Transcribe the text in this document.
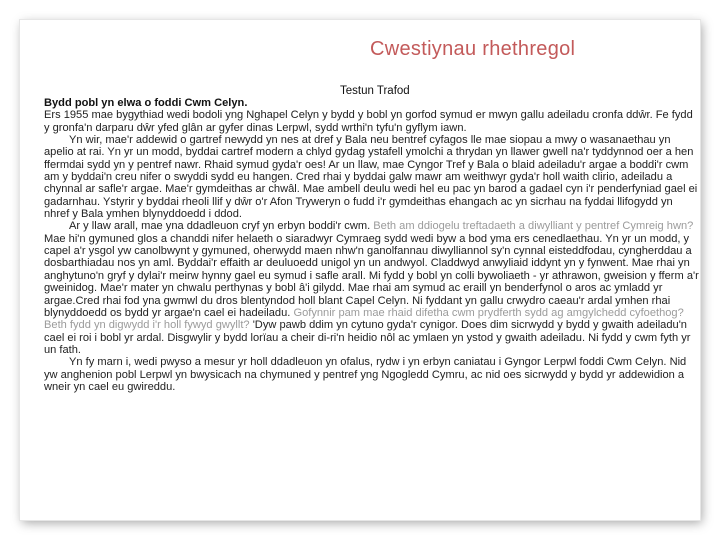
Cwestiynau rhethregol
Testun Trafod

Bydd pobl yn elwa o foddi Cwm Celyn.

Ers 1955 mae bygythiad wedi bodoli yng Nghapel Celyn y bydd y bobl yn gorfod symud er mwyn gallu adeiladu cronfa ddŵr. Fe fydd y gronfa'n darparu dŵr yfed glân ar gyfer dinas Lerpwl, sydd wrthi'n tyfu'n gyflym iawn.

Yn wir, mae'r addewid o gartref newydd yn nes at dref y Bala neu bentref cyfagos lle mae siopau a mwy o wasanaethau yn apelio at rai. Yn yr un modd, byddai cartref modern a chlyd gydag ystafell ymolchi a thrydan yn llawer gwell na'r tyddynnod oer a hen ffermdai sydd yn y pentref nawr. Rhaid symud gyda'r oes! Ar un llaw, mae Cyngor Tref y Bala o blaid adeiladu'r argae a boddi'r cwm am y byddai'n creu nifer o swyddi sydd eu hangen. Cred rhai y byddai galw mawr am weithwyr gyda'r holl waith clirio, adeiladu a chynnal ar safle'r argae. Mae'r gymdeithas ar chwâl. Mae ambell deulu wedi hel eu pac yn barod a gadael cyn i'r penderfyniad gael ei gadarnhau. Ystyrir y byddai rheoli llif y dŵr o'r Afon Tryweryn o fudd i'r gymdeithas ehangach ac yn sicrhau na fyddai llifogydd yn nhref y Bala ymhen blynyddoedd i ddod.

Ar y llaw arall, mae yna ddadleuon cryf yn erbyn boddi'r cwm. Beth am ddiogelu treftadaeth a diwylliant y pentref Cymreig hwn? Mae hi'n gymuned glos a chanddi nifer helaeth o siaradwyr Cymraeg sydd wedi byw a bod yma ers cenedlaethau. Yn yr un modd, y capel a'r ysgol yw canolbwynt y gymuned, oherwydd maen nhw'n ganolfannau diwylliannol sy'n cynnal eisteddfodau, cyngherddau a dosbarthiadau nos yn aml. Byddai'r effaith ar deuluoedd unigol yn un andwyol. Claddwyd anwyliaid iddynt yn y fynwent. Mae rhai yn anghytuno'n gryf y dylai'r meirw hynny gael eu symud i safle arall. Mi fydd y bobl yn colli bywoliaeth - yr athrawon, gweision y fferm a'r gweinidog. Mae'r mater yn chwalu perthynas y bobl â'i gilydd. Mae rhai am symud ac eraill yn benderfynol o aros ac ymladd yr argae.Cred rhai fod yna gwmwl du dros blentyndod holl blant Capel Celyn. Ni fyddant yn gallu crwydro caeau'r ardal ymhen rhai blynyddoedd os bydd yr argae'n cael ei hadeiladu. Gofynnir pam mae rhaid difetha cwm prydferth sydd ag amgylchedd cyfoethog? Beth fydd yn digwydd i'r holl fywyd gwyllt? 'Dyw pawb ddim yn cytuno gyda'r cynigor. Does dim sicrwydd y bydd y gwaith adeiladu'n cael ei roi i bobl yr ardal. Disgwylir y bydd lorïau a cheir di-ri'n heidio nôl ac ymlaen yn ystod y gwaith adeiladu. Ni fydd y cwm fyth yr un fath.

Yn fy marn i, wedi pwyso a mesur yr holl ddadleuon yn ofalus, rydw i yn erbyn caniatau i Gyngor Lerpwl foddi Cwm Celyn. Nid yw anghenion pobl Lerpwl yn bwysicach na chymuned y pentref yng Ngogledd Cymru, ac nid oes sicrwydd y bydd yr addewidion a wneir yn cael eu gwireddu.
